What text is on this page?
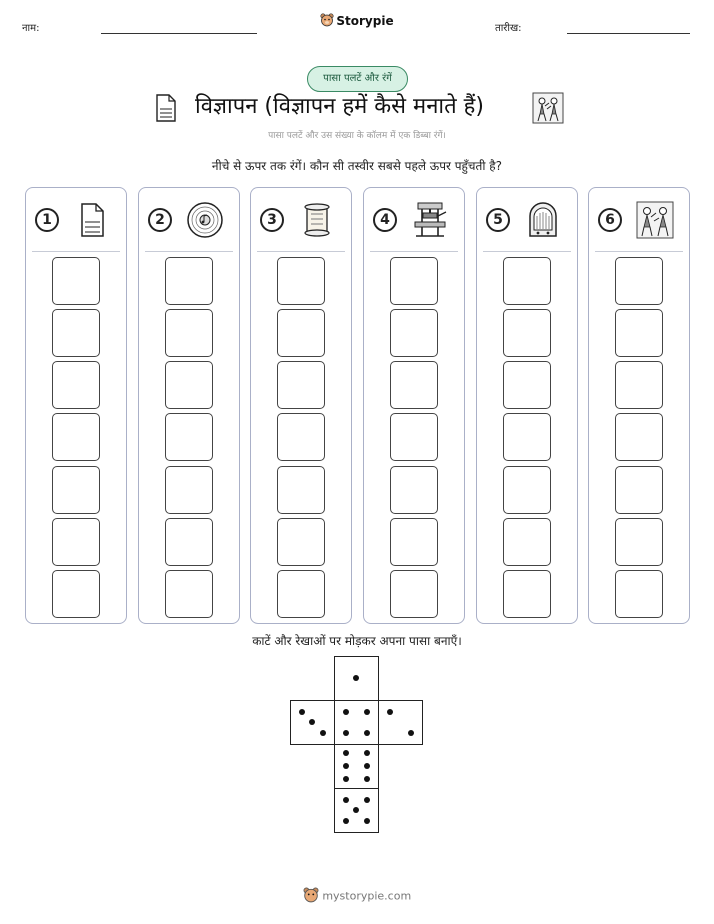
नाम:
Storypie
तारीख:
पासा पलटें और रंगें
विज्ञापन (विज्ञापन हमें कैसे मनाते हैं)
पासा पलटें और उस संख्या के कॉलम में एक डिब्बा रंगें।
नीचे से ऊपर तक रंगें। कौन सी तस्वीर सबसे पहले ऊपर पहुँचती है?
1	2	3	4	5	6
काटें और रेखाओं पर मोड़कर अपना पासा बनाएँ।
mystorypie.com
